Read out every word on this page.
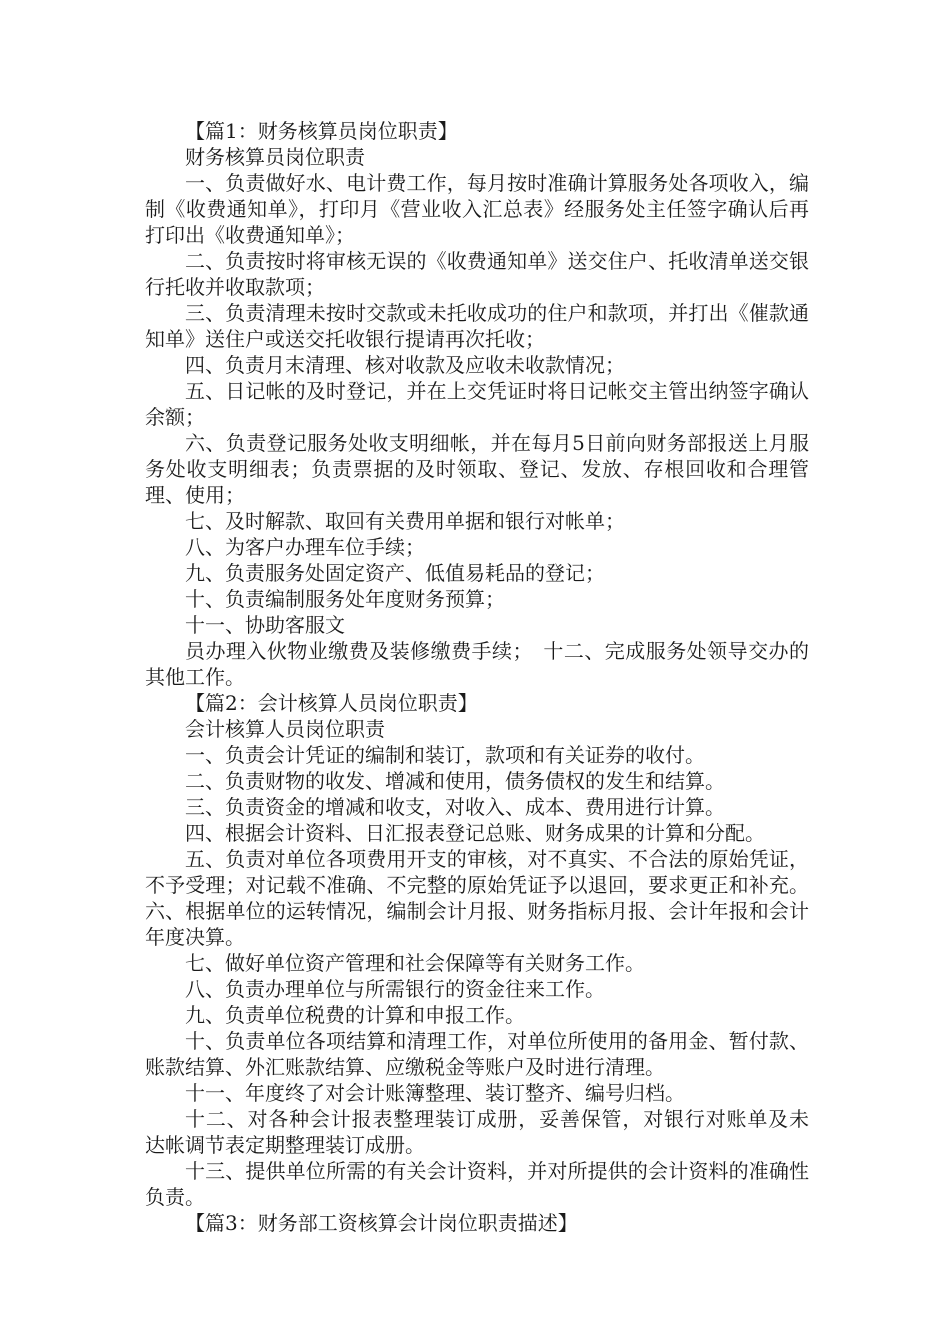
【篇1：财务核算员岗位职责】

财务核算员岗位职责

一、负责做好水、电计费工作，每月按时准确计算服务处各项收入，编制《收费通知单》，打印月《营业收入汇总表》经服务处主任签字确认后再打印出《收费通知单》；

二、负责按时将审核无误的《收费通知单》送交住户、托收清单送交银行托收并收取款项；

三、负责清理未按时交款或未托收成功的住户和款项，并打出《催款通知单》送住户或送交托收银行提请再次托收；

四、负责月末清理、核对收款及应收未收款情况；

五、日记帐的及时登记，并在上交凭证时将日记帐交主管出纳签字确认余额；

六、负责登记服务处收支明细帐，并在每月5日前向财务部报送上月服务处收支明细表；负责票据的及时领取、登记、发放、存根回收和合理管理、使用；

七、及时解款、取回有关费用单据和银行对帐单；

八、为客户办理车位手续；

九、负责服务处固定资产、低值易耗品的登记；

十、负责编制服务处年度财务预算；

十一、协助客服文

员办理入伙物业缴费及装修缴费手续；　十二、完成服务处领导交办的其他工作。

【篇2：会计核算人员岗位职责】

会计核算人员岗位职责

一、负责会计凭证的编制和装订，款项和有关证券的收付。

二、负责财物的收发、增减和使用，债务债权的发生和结算。

三、负责资金的增减和收支，对收入、成本、费用进行计算。

四、根据会计资料、日汇报表登记总账、财务成果的计算和分配。

五、负责对单位各项费用开支的审核，对不真实、不合法的原始凭证，不予受理；对记载不准确、不完整的原始凭证予以退回，要求更正和补充。 六、根据单位的运转情况，编制会计月报、财务指标月报、会计年报和会计年度决算。

七、做好单位资产管理和社会保障等有关财务工作。

八、负责办理单位与所需银行的资金往来工作。

九、负责单位税费的计算和申报工作。

十、负责单位各项结算和清理工作，对单位所使用的备用金、暂付款、账款结算、外汇账款结算、应缴税金等账户及时进行清理。

十一、年度终了对会计账簿整理、装订整齐、编号归档。

十二、对各种会计报表整理装订成册，妥善保管，对银行对账单及未 达帐调节表定期整理装订成册。

十三、提供单位所需的有关会计资料，并对所提供的会计资料的准确性负责。

【篇3：财务部工资核算会计岗位职责描述】
